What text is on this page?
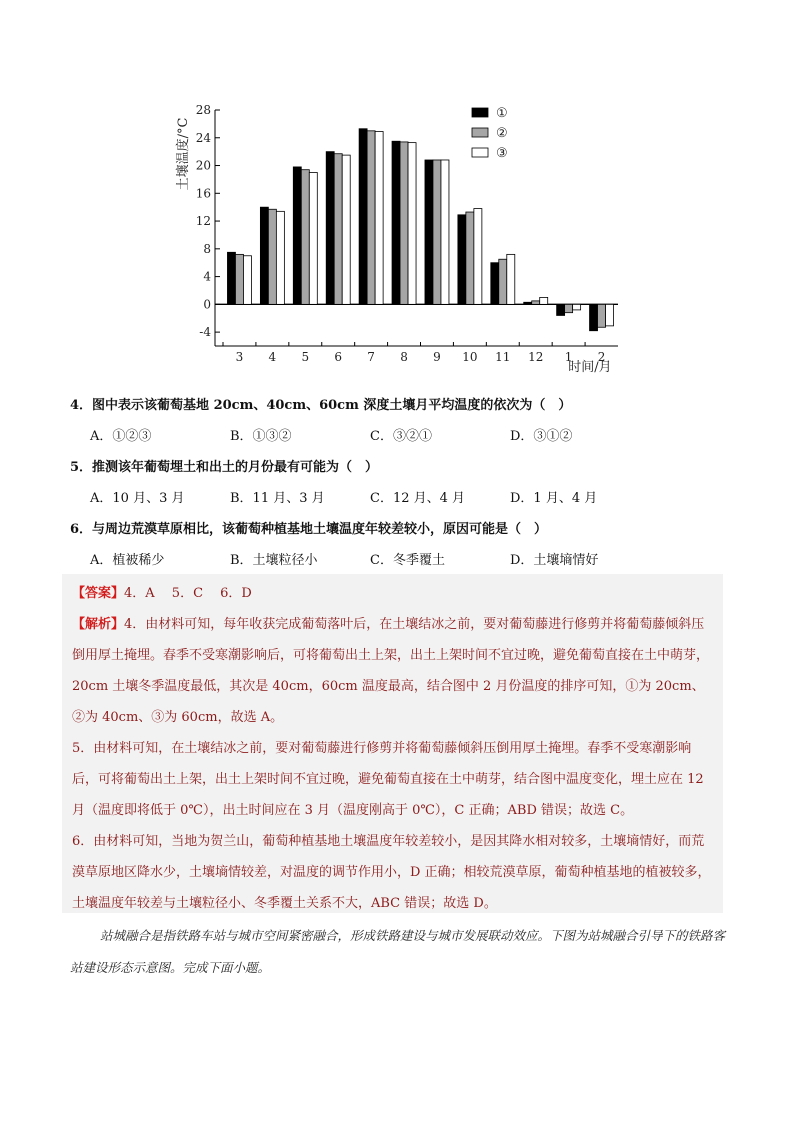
28
24
20
16
12
8
4
0
-4
3 4 5 6 7 8 9 10 11 12 1 2
①
②
③
土壤温度/°C
时间/月
4．图中表示该葡萄基地 20cm、40cm、60cm 深度土壤月平均温度的依次为（　）
A．①②③	B．①③②	C．③②①	D．③①②
5．推测该年葡萄埋土和出土的月份最有可能为（　）
A．10 月、3 月	B．11 月、3 月	C．12 月、4 月	D．1 月、4 月
6．与周边荒漠草原相比，该葡萄种植基地土壤温度年较差较小，原因可能是（　）
A．植被稀少	B．土壤粒径小	C．冬季覆土	D．土壤墒情好
【答案】4．A　 5．C　 6．D

【解析】4．由材料可知，每年收获完成葡萄落叶后，在土壤结冰之前，要对葡萄藤进行修剪并将葡萄藤倾斜压倒用厚土掩埋。春季不受寒潮影响后，可将葡萄出土上架，出土上架时间不宜过晚，避免葡萄直接在土中萌芽，20cm 土壤冬季温度最低，其次是 40cm，60cm 温度最高，结合图中 2 月份温度的排序可知，①为 20cm、②为 40cm、③为 60cm，故选 A。

5．由材料可知，在土壤结冰之前，要对葡萄藤进行修剪并将葡萄藤倾斜压倒用厚土掩埋。春季不受寒潮影响后，可将葡萄出土上架，出土上架时间不宜过晚，避免葡萄直接在土中萌芽，结合图中温度变化，埋土应在 12 月（温度即将低于 0℃），出土时间应在 3 月（温度刚高于 0℃），C 正确；ABD 错误；故选 C。

6．由材料可知，当地为贺兰山，葡萄种植基地土壤温度年较差较小，是因其降水相对较多，土壤墒情好，而荒漠草原地区降水少，土壤墒情较差，对温度的调节作用小，D 正确；相较荒漠草原，葡萄种植基地的植被较多，土壤温度年较差与土壤粒径小、冬季覆土关系不大，ABC 错误；故选 D。

站城融合是指铁路车站与城市空间紧密融合，形成铁路建设与城市发展联动效应。下图为站城融合引导下的铁路客站建设形态示意图。完成下面小题。
